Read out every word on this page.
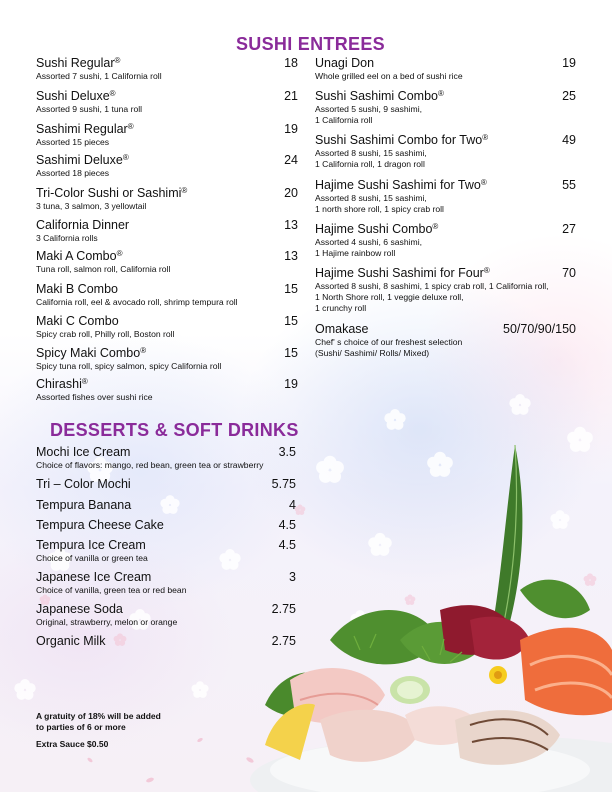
SUSHI ENTREES
Sushi Regular®	18
Assorted 7 sushi, 1 California roll
Sushi Deluxe®	21
Assorted 9 sushi, 1 tuna roll
Sashimi Regular®	19
Assorted 15 pieces
Sashimi Deluxe®	24
Assorted 18 pieces
Tri-Color Sushi or Sashimi®	20
3 tuna, 3 salmon, 3 yellowtail
California Dinner	13
3 California rolls
Maki A Combo®	13
Tuna roll, salmon roll, California roll
Maki B Combo	15
California roll, eel & avocado roll, shrimp tempura roll
Maki C Combo	15
Spicy crab roll, Philly roll, Boston roll
Spicy Maki Combo®	15
Spicy tuna roll, spicy salmon, spicy California roll
Chirashi®	19
Assorted fishes over sushi rice
Unagi Don	19
Whole grilled eel on a bed of sushi rice
Sushi Sashimi Combo®	25
Assorted 5 sushi, 9 sashimi,
1 California roll
Sushi Sashimi Combo for Two®	49
Assorted 8 sushi, 15 sashimi,
1 California roll, 1 dragon roll
Hajime Sushi Sashimi for Two®	55
Assorted 8 sushi, 15 sashimi,
1 north shore roll, 1 spicy crab roll
Hajime Sushi Combo®	27
Assorted 4 sushi, 6 sashimi,
1 Hajime rainbow roll
Hajime Sushi Sashimi for Four®	70
Assorted 8 sushi, 8 sashimi, 1 spicy crab roll, 1 California roll,
1 North Shore roll, 1 veggie deluxe roll,
1 crunchy roll
Omakase	50/70/90/150
Chef' s choice of our freshest selection
(Sushi/ Sashimi/ Rolls/ Mixed)
DESSERTS & SOFT DRINKS
Mochi Ice Cream	3.5
Choice of flavors: mango, red bean, green tea or strawberry
Tri – Color Mochi	5.75
Tempura Banana	4
Tempura Cheese Cake	4.5
Tempura Ice Cream	4.5
Choice of vanilla or green tea
Japanese Ice Cream	3
Choice of vanilla, green tea or red bean
Japanese Soda	2.75
Original, strawberry, melon or orange
Organic Milk	2.75
A gratuity of 18% will be added
to parties of 6 or more
Extra Sauce $0.50
